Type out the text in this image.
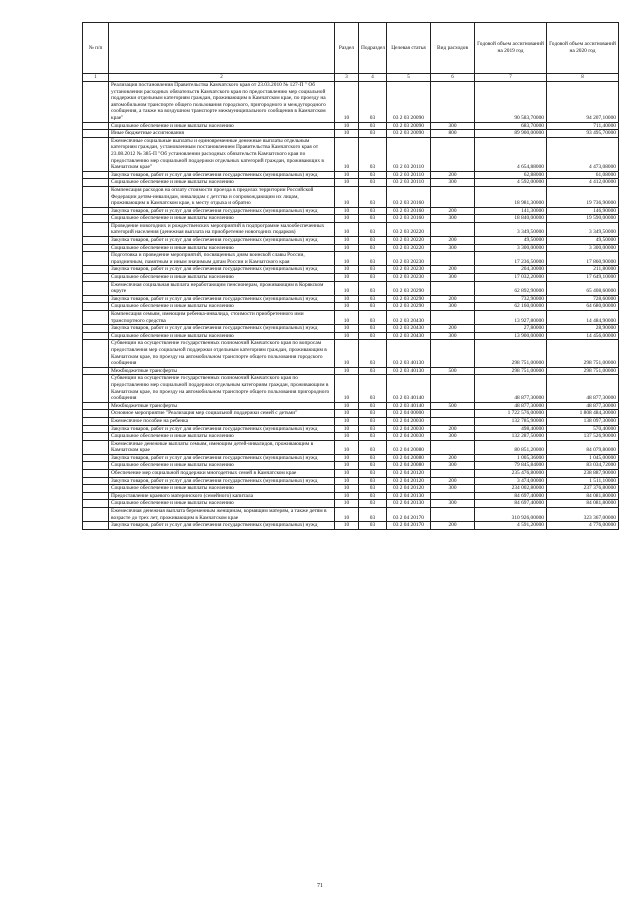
№ п/п		Раздел	Подраздел	Целевая статья	Вид расходов	Годовой объем ассигнований на 2019 год	Годовой объем ассигнований на 2020 год
1	2	3	4	5	6	7	8
	Реализация постановления Правительства Камчатского края от 23.03.2010 № 127-П " Об установлении расходных обязательств Камчатского края по предоставлению мер социальной поддержки отдельным категориям граждан, проживающим в Камчатском крае, по проезду на автомобильном транспорте общего пользования городского, пригородного и междугородного сообщения, а также на воздушном транспорте межмуниципального сообщения в Камчатском крае"	10	03	03 2 03 20090		90 583,70000	94 207,10000
	Социальное обеспечение и иные выплаты населению	10	03	03 2 03 20090	300	683,70000	711,40000
	Иные бюджетные ассигнования	10	03	03 2 03 20090	800	89 900,00000	93 495,70000
	Ежемесячные социальные выплаты и единовременные денежные выплаты отдельным категориям граждан, установленным постановлением Правительства Камчатского края от 23.08.2012 № 385-П "Об установлении расходных обязательств Камчатского края по предоставлению мер социальной поддержки отдельных категорий граждан, проживающих в Камчатском крае"	10	03	03 2 03 20110		4 654,88000	4 473,08000
	Закупка товаров, работ и услуг для обеспечения государственных (муниципальных) нужд	10	03	03 2 03 20110	200	62,88000	61,08000
	Социальное обеспечение и иные выплаты населению	10	03	03 2 03 20110	300	4 592,00000	4 412,00000
	Компенсация расходов на оплату стоимости проезда в пределах территории Российской Федерации детям-инвалидам, инвалидам с детства и сопровождающим их лицам, проживающим в Камчатском крае, к месту отдыха и обратно	10	03	03 2 03 20160		18 981,30000	19 736,90000
	Закупка товаров, работ и услуг для обеспечения государственных (муниципальных) нужд	10	03	03 2 03 20160	200	141,30000	146,90000
	Социальное обеспечение и иные выплаты населению	10	03	03 2 03 20160	300	18 840,00000	19 590,00000
	Проведение новогодних и рождественских мероприятий в подпрограмме малообеспеченных категорий населения (денежная выплата на приобретение новогодних подарков)	10	03	03 2 03 20220		3 349,50000	3 349,50000
	Закупка товаров, работ и услуг для обеспечения государственных (муниципальных) нужд	10	03	03 2 03 20220	200	49,50000	49,50000
	Социальное обеспечение и иные выплаты населению	10	03	03 2 03 20220	300	3 300,00000	3 300,00000
	Подготовка и проведение мероприятий, посвященных дням воинской славы России, праздничным, памятным и иным значимым датам России и Камчатского края	10	03	03 2 03 20230		17 236,50000	17 860,90000
	Закупка товаров, работ и услуг для обеспечения государственных (муниципальных) нужд	10	03	03 2 03 20230	200	204,30000	211,80000
	Социальное обеспечение и иные выплаты населению	10	03	03 2 03 20230	300	17 032,20000	17 649,10000
	Ежемесячная социальная выплата неработающим пенсионерам, проживающим в Корякском округе	10	03	03 2 03 20290		62 892,90000	65 408,60000
	Закупка товаров, работ и услуг для обеспечения государственных (муниципальных) нужд	10	03	03 2 03 20290	200	732,90000	728,60000
	Социальное обеспечение и иные выплаты населению	10	03	03 2 03 20290	300	62 160,00000	64 680,00000
	Компенсация семьям, имеющим ребенка-инвалида, стоимости приобретенного ими транспортного средства	10	03	03 2 03 20430		13 927,80000	14 484,90000
	Закупка товаров, работ и услуг для обеспечения государственных (муниципальных) нужд	10	03	03 2 03 20430	200	27,80000	28,90000
	Социальное обеспечение и иные выплаты населению	10	03	03 2 03 20430	300	13 900,00000	14 456,00000
	Субвенции на осуществление государственных полномочий Камчатского края по вопросам предоставления мер социальной поддержки отдельным категориям граждан, проживающим в Камчатском крае, по проезду на автомобильном транспорте общего пользования городского сообщения	10	03	03 2 03 40130		298 751,00000	298 751,00000
	Межбюджетные трансферты	10	03	03 2 03 40130	500	298 751,00000	298 751,00000
	Субвенции на осуществление государственных полномочий Камчатского края по предоставлению мер социальной поддержки отдельным категориям граждан, проживающим в Камчатском крае, по проезду на автомобильном транспорте общего пользования пригородного сообщения	10	03	03 2 03 40140		48 877,30000	48 877,30000
	Межбюджетные трансферты	10	03	03 2 03 40140	500	48 877,30000	48 877,30000
	Основное мероприятие "Реализация мер социальной поддержки семей с детьми"	10	03	03 2 04 00000		1 722 576,00000	1 808 484,30000
	Ежемесячное пособие на ребенка	10	03	03 2 04 20030		132 785,90000	138 097,30000
	Закупка товаров, работ и услуг для обеспечения государственных (муниципальных) нужд	10	03	03 2 04 20030	200	498,40000	570,40000
	Социальное обеспечение и иные выплаты населению	10	03	03 2 04 20030	300	132 287,50000	137 526,90000
	Ежемесячные денежные выплаты семьям, имеющим детей-инвалидов, проживающим в Камчатском крае	10	03	03 2 04 20080		80 851,20000	84 079,80000
	Закупка товаров, работ и услуг для обеспечения государственных (муниципальных) нужд	10	03	03 2 04 20080	200	1 005,36000	1 045,00000
	Социальное обеспечение и иные выплаты населению	10	03	03 2 04 20080	300	79 845,84000	83 034,72000
	Обеспечение мер социальной поддержки многодетных семей в Камчатском крае	10	03	03 2 04 20120		235 476,80000	238 887,90000
	Закупка товаров, работ и услуг для обеспечения государственных (муниципальных) нужд	10	03	03 2 04 20120	200	3 474,00000	1 511,10000
	Социальное обеспечение и иные выплаты населению	10	03	03 2 04 20120	300	234 002,80000	237 376,80000
	Предоставление краевого материнского (семейного) капитала	10	03	03 2 04 20130		84 697,40000	84 081,80000
	Социальное обеспечение и иные выплаты населению	10	03	03 2 04 20130	300	84 697,40000	84 081,80000
	Ежемесячная денежная выплата беременным женщинам, кормящим матерям, а также детям в возрасте до трех лет, проживающим в Камчатском крае	10	03	03 2 04 20170		310 926,00000	323 367,00000
	Закупка товаров, работ и услуг для обеспечения государственных (муниципальных) нужд	10	03	03 2 04 20170	200	4 591,20000	4 776,00000
71
